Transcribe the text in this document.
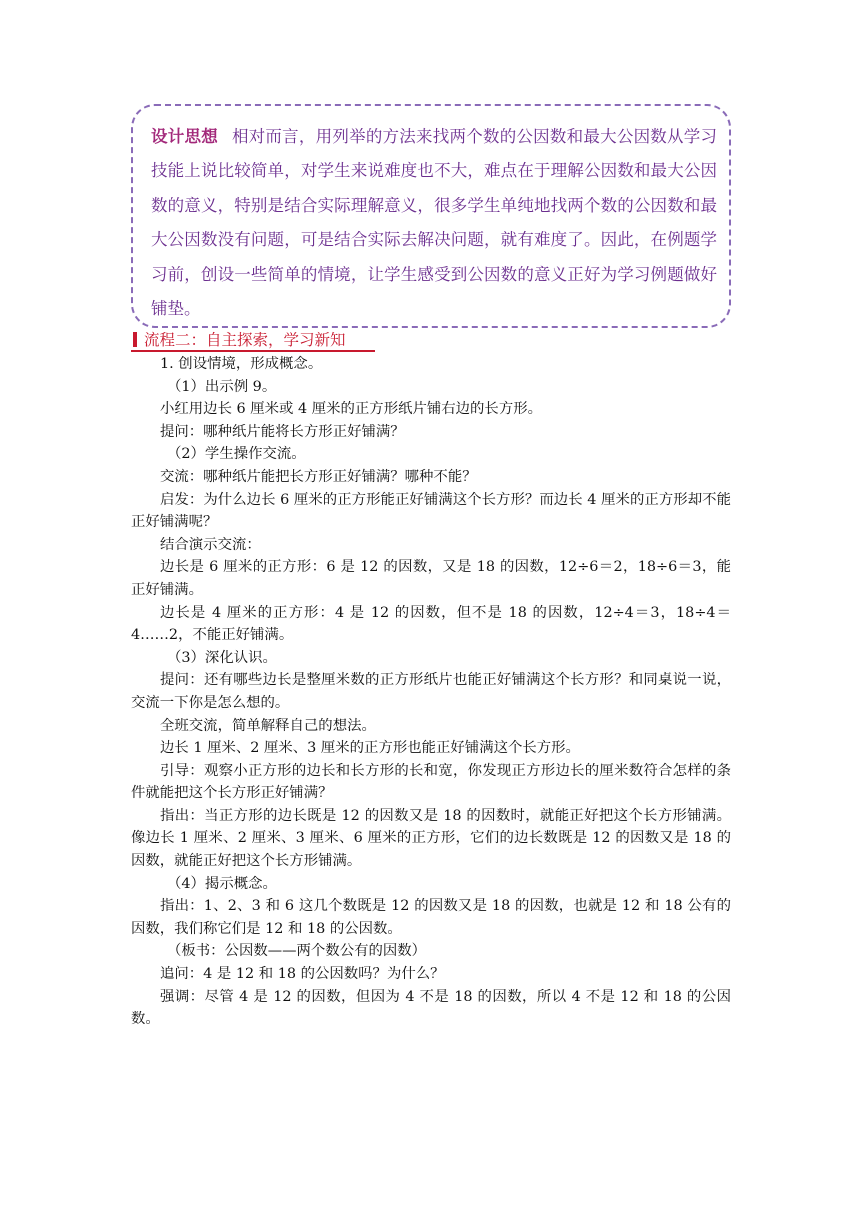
设计思想 相对而言，用列举的方法来找两个数的公因数和最大公因数从学习技能上说比较简单，对学生来说难度也不大，难点在于理解公因数和最大公因数的意义，特别是结合实际理解意义，很多学生单纯地找两个数的公因数和最大公因数没有问题，可是结合实际去解决问题，就有难度了。因此，在例题学习前，创设一些简单的情境，让学生感受到公因数的意义正好为学习例题做好铺垫。
流程二：自主探索，学习新知

1. 创设情境，形成概念。

（1）出示例 9。

小红用边长 6 厘米或 4 厘米的正方形纸片铺右边的长方形。

提问：哪种纸片能将长方形正好铺满？

（2）学生操作交流。

交流：哪种纸片能把长方形正好铺满？哪种不能？

启发：为什么边长 6 厘米的正方形能正好铺满这个长方形？而边长 4 厘米的正方形却不能正好铺满呢？

结合演示交流：

边长是 6 厘米的正方形：6 是 12 的因数，又是 18 的因数，12÷6＝2，18÷6＝3，能正好铺满。

边长是 4 厘米的正方形：4 是 12 的因数，但不是 18 的因数，12÷4＝3，18÷4＝4……2，不能正好铺满。

（3）深化认识。

提问：还有哪些边长是整厘米数的正方形纸片也能正好铺满这个长方形？和同桌说一说，交流一下你是怎么想的。

全班交流，简单解释自己的想法。

边长 1 厘米、2 厘米、3 厘米的正方形也能正好铺满这个长方形。

引导：观察小正方形的边长和长方形的长和宽，你发现正方形边长的厘米数符合怎样的条件就能把这个长方形正好铺满？

指出：当正方形的边长既是 12 的因数又是 18 的因数时，就能正好把这个长方形铺满。像边长 1 厘米、2 厘米、3 厘米、6 厘米的正方形，它们的边长数既是 12 的因数又是 18 的因数，就能正好把这个长方形铺满。

（4）揭示概念。

指出：1、2、3 和 6 这几个数既是 12 的因数又是 18 的因数，也就是 12 和 18 公有的因数，我们称它们是 12 和 18 的公因数。

（板书：公因数——两个数公有的因数）

追问：4 是 12 和 18 的公因数吗？为什么？

强调：尽管 4 是 12 的因数，但因为 4 不是 18 的因数，所以 4 不是 12 和 18 的公因数。
